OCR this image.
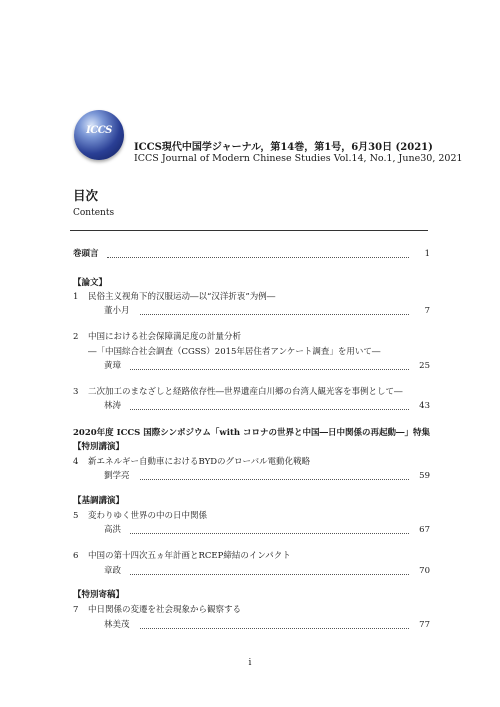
ICCS
ICCS現代中国学ジャーナル，第14巻，第1号，6月30日 (2021)
ICCS Journal of Modern Chinese Studies Vol.14, No.1, June30, 2021
目次
Contents
巻頭言	1
【論文】
1 民俗主义视角下的汉服运动―以“汉洋折衷”为例―
董小月	7
2 中国における社会保障満足度の計量分析
―「中国綜合社会調査（CGSS）2015年居住者アンケート調査」を用いて―
黄璋	25
3 二次加工のまなざしと経路依存性―世界遺産白川郷の台湾人観光客を事例として―
林涛	43
2020年度 ICCS 国際シンポジウム「with コロナの世界と中国―日中関係の再起動―」特集
【特別講演】
4 新エネルギー自動車におけるBYDのグローバル電動化戦略
劉学亮	59
【基調講演】
5 変わりゆく世界の中の日中関係
高洪	67
6 中国の第十四次五ヵ年計画とRCEP締結のインパクト
章政	70
【特別寄稿】
7 中日関係の変遷を社会現象から観察する
林美茂	77
i
